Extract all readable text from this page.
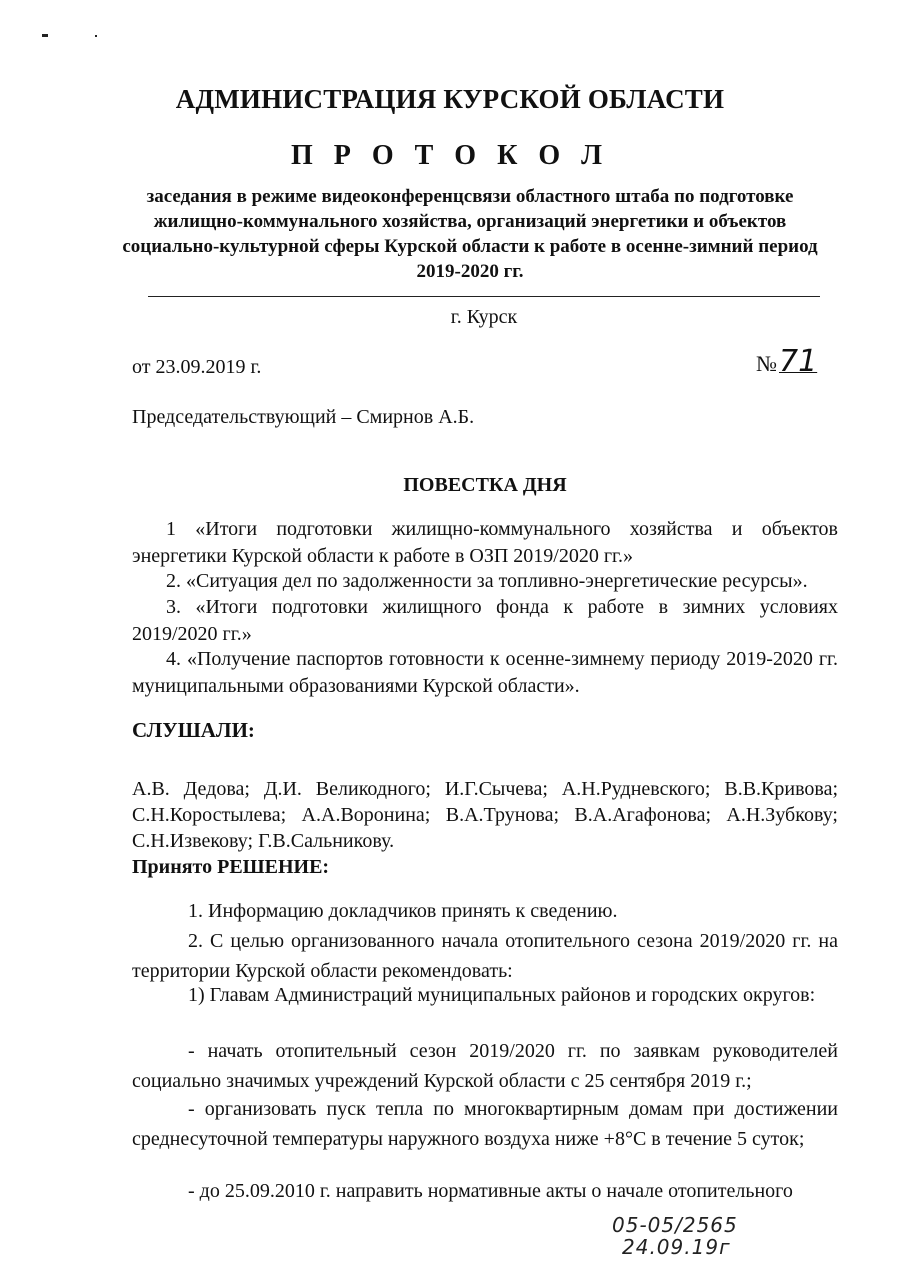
АДМИНИСТРАЦИЯ КУРСКОЙ ОБЛАСТИ
П Р О Т О К О Л
заседания в режиме видеоконференцсвязи областного штаба по подготовке жилищно-коммунального хозяйства, организаций энергетики и объектов социально-культурной сферы Курской области к работе в осенне-зимний период 2019-2020 гг.
г. Курск
от 23.09.2019 г.	№71
Председательствующий – Смирнов А.Б.
ПОВЕСТКА ДНЯ
1 «Итоги подготовки жилищно-коммунального хозяйства и объектов энергетики Курской области к работе в ОЗП 2019/2020 гг.»
2. «Ситуация дел по задолженности за топливно-энергетические ресурсы».
3. «Итоги подготовки жилищного фонда к работе в зимних условиях 2019/2020 гг.»
4. «Получение паспортов готовности к осенне-зимнему периоду 2019-2020 гг. муниципальными образованиями Курской области».
СЛУШАЛИ:
А.В. Дедова; Д.И. Великодного; И.Г.Сычева; А.Н.Рудневского; В.В.Кривова; С.Н.Коростылева; А.А.Воронина; В.А.Трунова; В.А.Агафонова; А.Н.Зубкову; С.Н.Извекову; Г.В.Сальникову.
Принято РЕШЕНИЕ:
1. Информацию докладчиков принять к сведению.
2. С целью организованного начала отопительного сезона 2019/2020 гг. на территории Курской области рекомендовать:
1) Главам Администраций муниципальных районов и городских округов:
- начать отопительный сезон 2019/2020 гг. по заявкам руководителей социально значимых учреждений Курской области с 25 сентября 2019 г.;
- организовать пуск тепла по многоквартирным домам при достижении среднесуточной температуры наружного воздуха ниже +8°С в течение 5 суток;
- до 25.09.2010 г. направить нормативные акты о начале отопительного
05-05/2565
24.09.19г
